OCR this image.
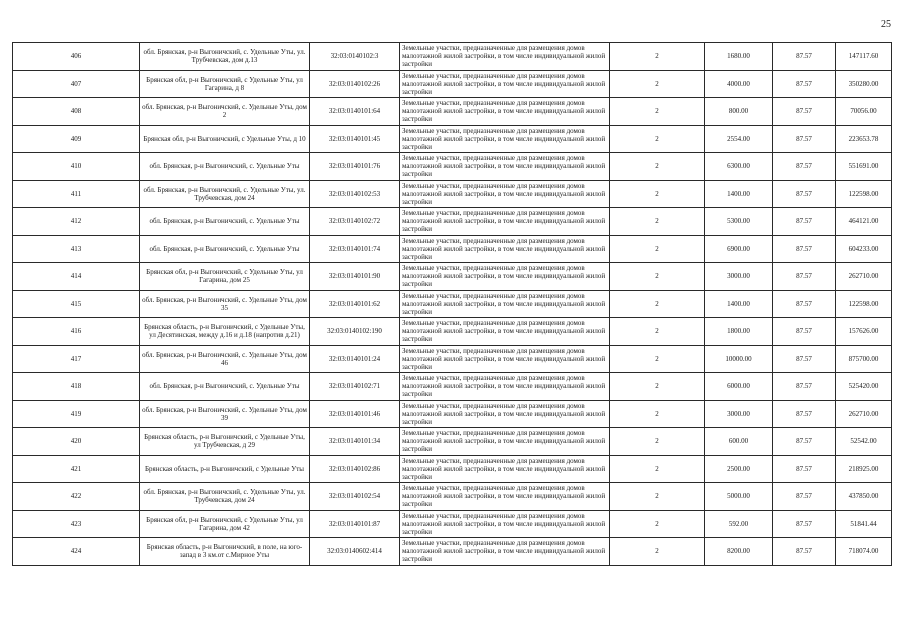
25
406	обл. Брянская, р-н Выгоничский, с. Удельные Уты, ул. Трубчевская, дом д.13	32:03:0140102:3	Земельные участки, предназначенные для размещения домов малоэтажной жилой застройки, в том числе индивидуальной жилой застройки	2	1680.00	87.57	147117.60
407	Брянская обл, р-н Выгоничский, с Удельные Уты, ул Гагарина, д 8	32:03:0140102:26	Земельные участки, предназначенные для размещения домов малоэтажной жилой застройки, в том числе индивидуальной жилой застройки	2	4000.00	87.57	350280.00
408	обл. Брянская, р-н Выгоничский, с. Удельные Уты, дом 2	32:03:0140101:64	Земельные участки, предназначенные для размещения домов малоэтажной жилой застройки, в том числе индивидуальной жилой застройки	2	800.00	87.57	70056.00
409	Брянская обл, р-н Выгоничский, с Удельные Уты, д 10	32:03:0140101:45	Земельные участки, предназначенные для размещения домов малоэтажной жилой застройки, в том числе индивидуальной жилой застройки	2	2554.00	87.57	223653.78
410	обл. Брянская, р-н Выгоничский, с. Удельные Уты	32:03:0140101:76	Земельные участки, предназначенные для размещения домов малоэтажной жилой застройки, в том числе индивидуальной жилой застройки	2	6300.00	87.57	551691.00
411	обл. Брянская, р-н Выгоничский, с. Удельные Уты, ул. Трубчевская, дом 24	32:03:0140102:53	Земельные участки, предназначенные для размещения домов малоэтажной жилой застройки, в том числе индивидуальной жилой застройки	2	1400.00	87.57	122598.00
412	обл. Брянская, р-н Выгоничский, с. Удельные Уты	32:03:0140102:72	Земельные участки, предназначенные для размещения домов малоэтажной жилой застройки, в том числе индивидуальной жилой застройки	2	5300.00	87.57	464121.00
413	обл. Брянская, р-н Выгоничский, с. Удельные Уты	32:03:0140101:74	Земельные участки, предназначенные для размещения домов малоэтажной жилой застройки, в том числе индивидуальной жилой застройки	2	6900.00	87.57	604233.00
414	Брянская обл, р-н Выгоничский, с Удельные Уты, ул Гагарина, дом 25	32:03:0140101:90	Земельные участки, предназначенные для размещения домов малоэтажной жилой застройки, в том числе индивидуальной жилой застройки	2	3000.00	87.57	262710.00
415	обл. Брянская, р-н Выгоничский, с. Удельные Уты, дом 35	32:03:0140101:62	Земельные участки, предназначенные для размещения домов малоэтажной жилой застройки, в том числе индивидуальной жилой застройки	2	1400.00	87.57	122598.00
416	Брянская область, р-н Выгоничский, с Удельные Уты, ул Десятинская, между д.16 и д.18 (напротив д.21)	32:03:0140102:190	Земельные участки, предназначенные для размещения домов малоэтажной жилой застройки, в том числе индивидуальной жилой застройки	2	1800.00	87.57	157626.00
417	обл. Брянская, р-н Выгоничский, с. Удельные Уты, дом 46	32:03:0140101:24	Земельные участки, предназначенные для размещения домов малоэтажной жилой застройки, в том числе индивидуальной жилой застройки	2	10000.00	87.57	875700.00
418	обл. Брянская, р-н Выгоничский, с. Удельные Уты	32:03:0140102:71	Земельные участки, предназначенные для размещения домов малоэтажной жилой застройки, в том числе индивидуальной жилой застройки	2	6000.00	87.57	525420.00
419	обл. Брянская, р-н Выгоничский, с. Удельные Уты, дом 39	32:03:0140101:46	Земельные участки, предназначенные для размещения домов малоэтажной жилой застройки, в том числе индивидуальной жилой застройки	2	3000.00	87.57	262710.00
420	Брянская область, р-н Выгоничский, с Удельные Уты, ул Трубчевская, д 29	32:03:0140101:34	Земельные участки, предназначенные для размещения домов малоэтажной жилой застройки, в том числе индивидуальной жилой застройки	2	600.00	87.57	52542.00
421	Брянская область, р-н Выгоничский, с Удельные Уты	32:03:0140102:86	Земельные участки, предназначенные для размещения домов малоэтажной жилой застройки, в том числе индивидуальной жилой застройки	2	2500.00	87.57	218925.00
422	обл. Брянская, р-н Выгоничский, с. Удельные Уты, ул. Трубчевская, дом 24	32:03:0140102:54	Земельные участки, предназначенные для размещения домов малоэтажной жилой застройки, в том числе индивидуальной жилой застройки	2	5000.00	87.57	437850.00
423	Брянская обл, р-н Выгоничский, с Удельные Уты, ул Гагарина, дом 42	32:03:0140101:87	Земельные участки, предназначенные для размещения домов малоэтажной жилой застройки, в том числе индивидуальной жилой застройки	2	592.00	87.57	51841.44
424	Брянская область, р-н Выгоничский, в поле, на юго-запад в 3 км.от с.Мирное Уты	32:03:0140602:414	Земельные участки, предназначенные для размещения домов малоэтажной жилой застройки, в том числе индивидуальной жилой застройки	2	8200.00	87.57	718074.00
